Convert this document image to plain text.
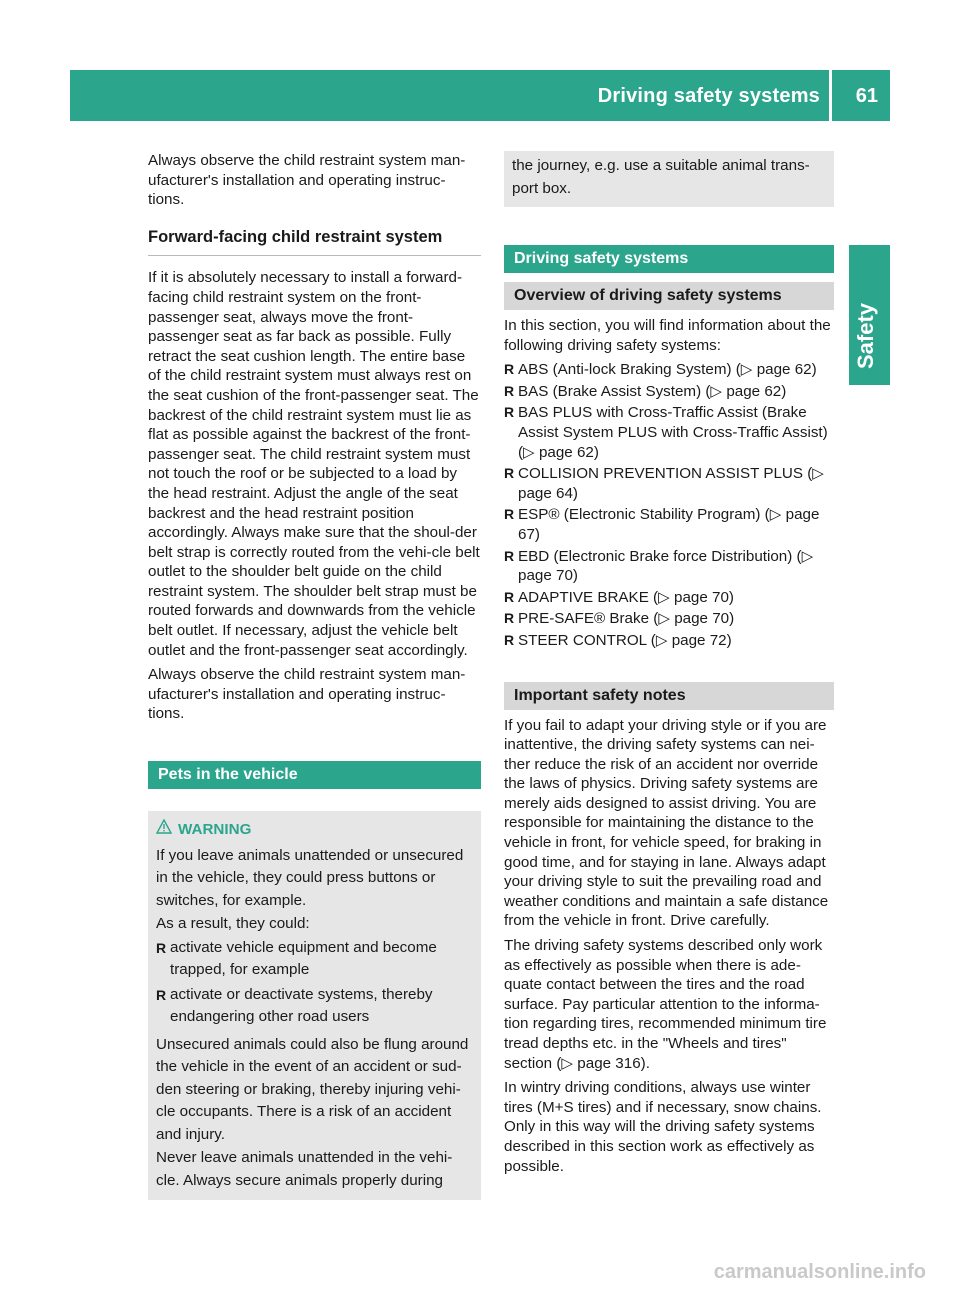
Driving safety systems 61
Safety

Always observe the child restraint system man-ufacturer's installation and operating instruc-tions.

Forward-facing child restraint system

If it is absolutely necessary to install a forward-facing child restraint system on the front-passenger seat, always move the front-passenger seat as far back as possible. Fully retract the seat cushion length. The entire base of the child restraint system must always rest on the seat cushion of the front-passenger seat. The backrest of the child restraint system must lie as flat as possible against the backrest of the front-passenger seat. The child restraint system must not touch the roof or be subjected to a load by the head restraint. Adjust the angle of the seat backrest and the head restraint position accordingly. Always make sure that the shoul-der belt strap is correctly routed from the vehi-cle belt outlet to the shoulder belt guide on the child restraint system. The shoulder belt strap must be routed forwards and downwards from the vehicle belt outlet. If necessary, adjust the vehicle belt outlet and the front-passenger seat accordingly.

Always observe the child restraint system man-ufacturer's installation and operating instruc-tions.

Pets in the vehicle
WARNING

If you leave animals unattended or unsecured in the vehicle, they could press buttons or switches, for example.

As a result, they could:

R activate vehicle equipment and become trapped, for example
R activate or deactivate systems, thereby endangering other road users

Unsecured animals could also be flung around the vehicle in the event of an accident or sud-den steering or braking, thereby injuring vehi-cle occupants. There is a risk of an accident and injury.

Never leave animals unattended in the vehi-cle. Always secure animals properly during

the journey, e.g. use a suitable animal trans-port box.

Driving safety systems
Overview of driving safety systems

In this section, you will find information about the following driving safety systems:

R ABS (Anti-lock Braking System) (▷ page 62)
R BAS (Brake Assist System) (▷ page 62)
R BAS PLUS with Cross-Traffic Assist (Brake Assist System PLUS with Cross-Traffic Assist) (▷ page 62)
R COLLISION PREVENTION ASSIST PLUS (▷ page 64)
R ESP® (Electronic Stability Program) (▷ page 67)
R EBD (Electronic Brake force Distribution) (▷ page 70)
R ADAPTIVE BRAKE (▷ page 70)
R PRE-SAFE® Brake (▷ page 70)
R STEER CONTROL (▷ page 72)
Important safety notes

If you fail to adapt your driving style or if you are inattentive, the driving safety systems can nei-ther reduce the risk of an accident nor override the laws of physics. Driving safety systems are merely aids designed to assist driving. You are responsible for maintaining the distance to the vehicle in front, for vehicle speed, for braking in good time, and for staying in lane. Always adapt your driving style to suit the prevailing road and weather conditions and maintain a safe distance from the vehicle in front. Drive carefully.

The driving safety systems described only work as effectively as possible when there is ade-quate contact between the tires and the road surface. Pay particular attention to the informa-tion regarding tires, recommended minimum tire tread depths etc. in the "Wheels and tires" section (▷ page 316).

In wintry driving conditions, always use winter tires (M+S tires) and if necessary, snow chains. Only in this way will the driving safety systems described in this section work as effectively as possible.

carmanualsonline.info
